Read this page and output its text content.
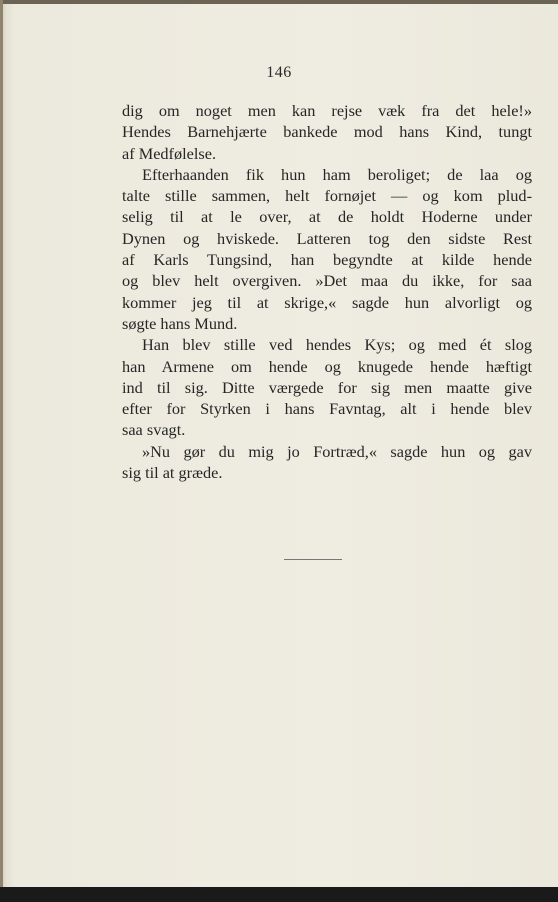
146
dig om noget men kan rejse væk fra det hele!»
Hendes Barnehjærte bankede mod hans Kind, tungt
af Medfølelse.
Efterhaanden fik hun ham beroliget; de laa og
talte stille sammen, helt fornøjet — og kom plud-
selig til at le over, at de holdt Hoderne under
Dynen og hviskede. Latteren tog den sidste Rest
af Karls Tungsind, han begyndte at kilde hende
og blev helt overgiven. »Det maa du ikke, for saa
kommer jeg til at skrige,« sagde hun alvorligt og
søgte hans Mund.
Han blev stille ved hendes Kys; og med ét slog
han Armene om hende og knugede hende hæftigt
ind til sig. Ditte værgede for sig men maatte give
efter for Styrken i hans Favntag, alt i hende blev
saa svagt.
»Nu gør du mig jo Fortræd,« sagde hun og gav
sig til at græde.
